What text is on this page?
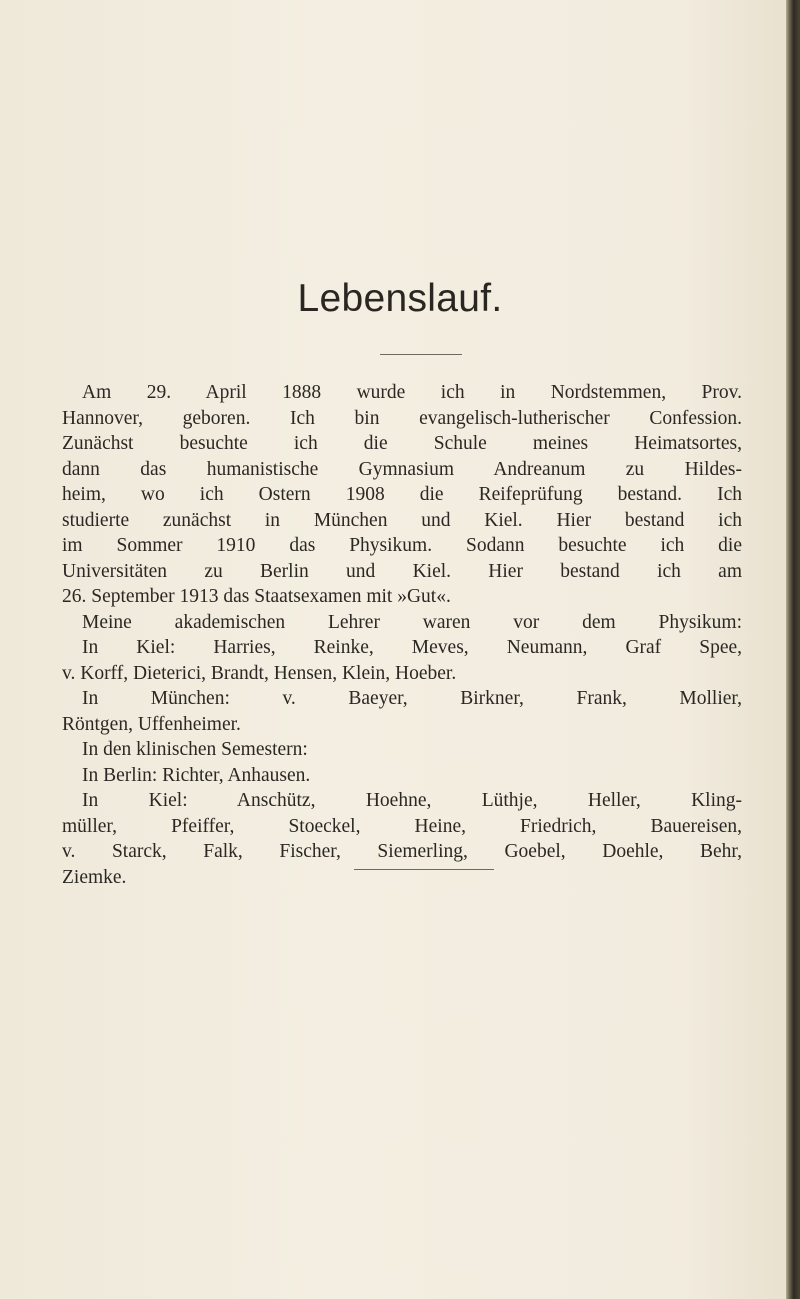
Lebenslauf.
Am 29. April 1888 wurde ich in Nordstemmen, Prov.
Hannover, geboren. Ich bin evangelisch-lutherischer Confession.
Zunächst besuchte ich die Schule meines Heimatsortes,
dann das humanistische Gymnasium Andreanum zu Hildes-
heim, wo ich Ostern 1908 die Reifeprüfung bestand. Ich
studierte zunächst in München und Kiel. Hier bestand ich
im Sommer 1910 das Physikum. Sodann besuchte ich die
Universitäten zu Berlin und Kiel. Hier bestand ich am
26. September 1913 das Staatsexamen mit »Gut«.
Meine akademischen Lehrer waren vor dem Physikum:
In Kiel: Harries, Reinke, Meves, Neumann, Graf Spee,
v. Korff, Dieterici, Brandt, Hensen, Klein, Hoeber.
In München: v. Baeyer, Birkner, Frank, Mollier,
Röntgen, Uffenheimer.
In den klinischen Semestern:
In Berlin: Richter, Anhausen.
In Kiel: Anschütz, Hoehne, Lüthje, Heller, Kling-
müller, Pfeiffer, Stoeckel, Heine, Friedrich, Bauereisen,
v. Starck, Falk, Fischer, Siemerling, Goebel, Doehle, Behr,
Ziemke.
